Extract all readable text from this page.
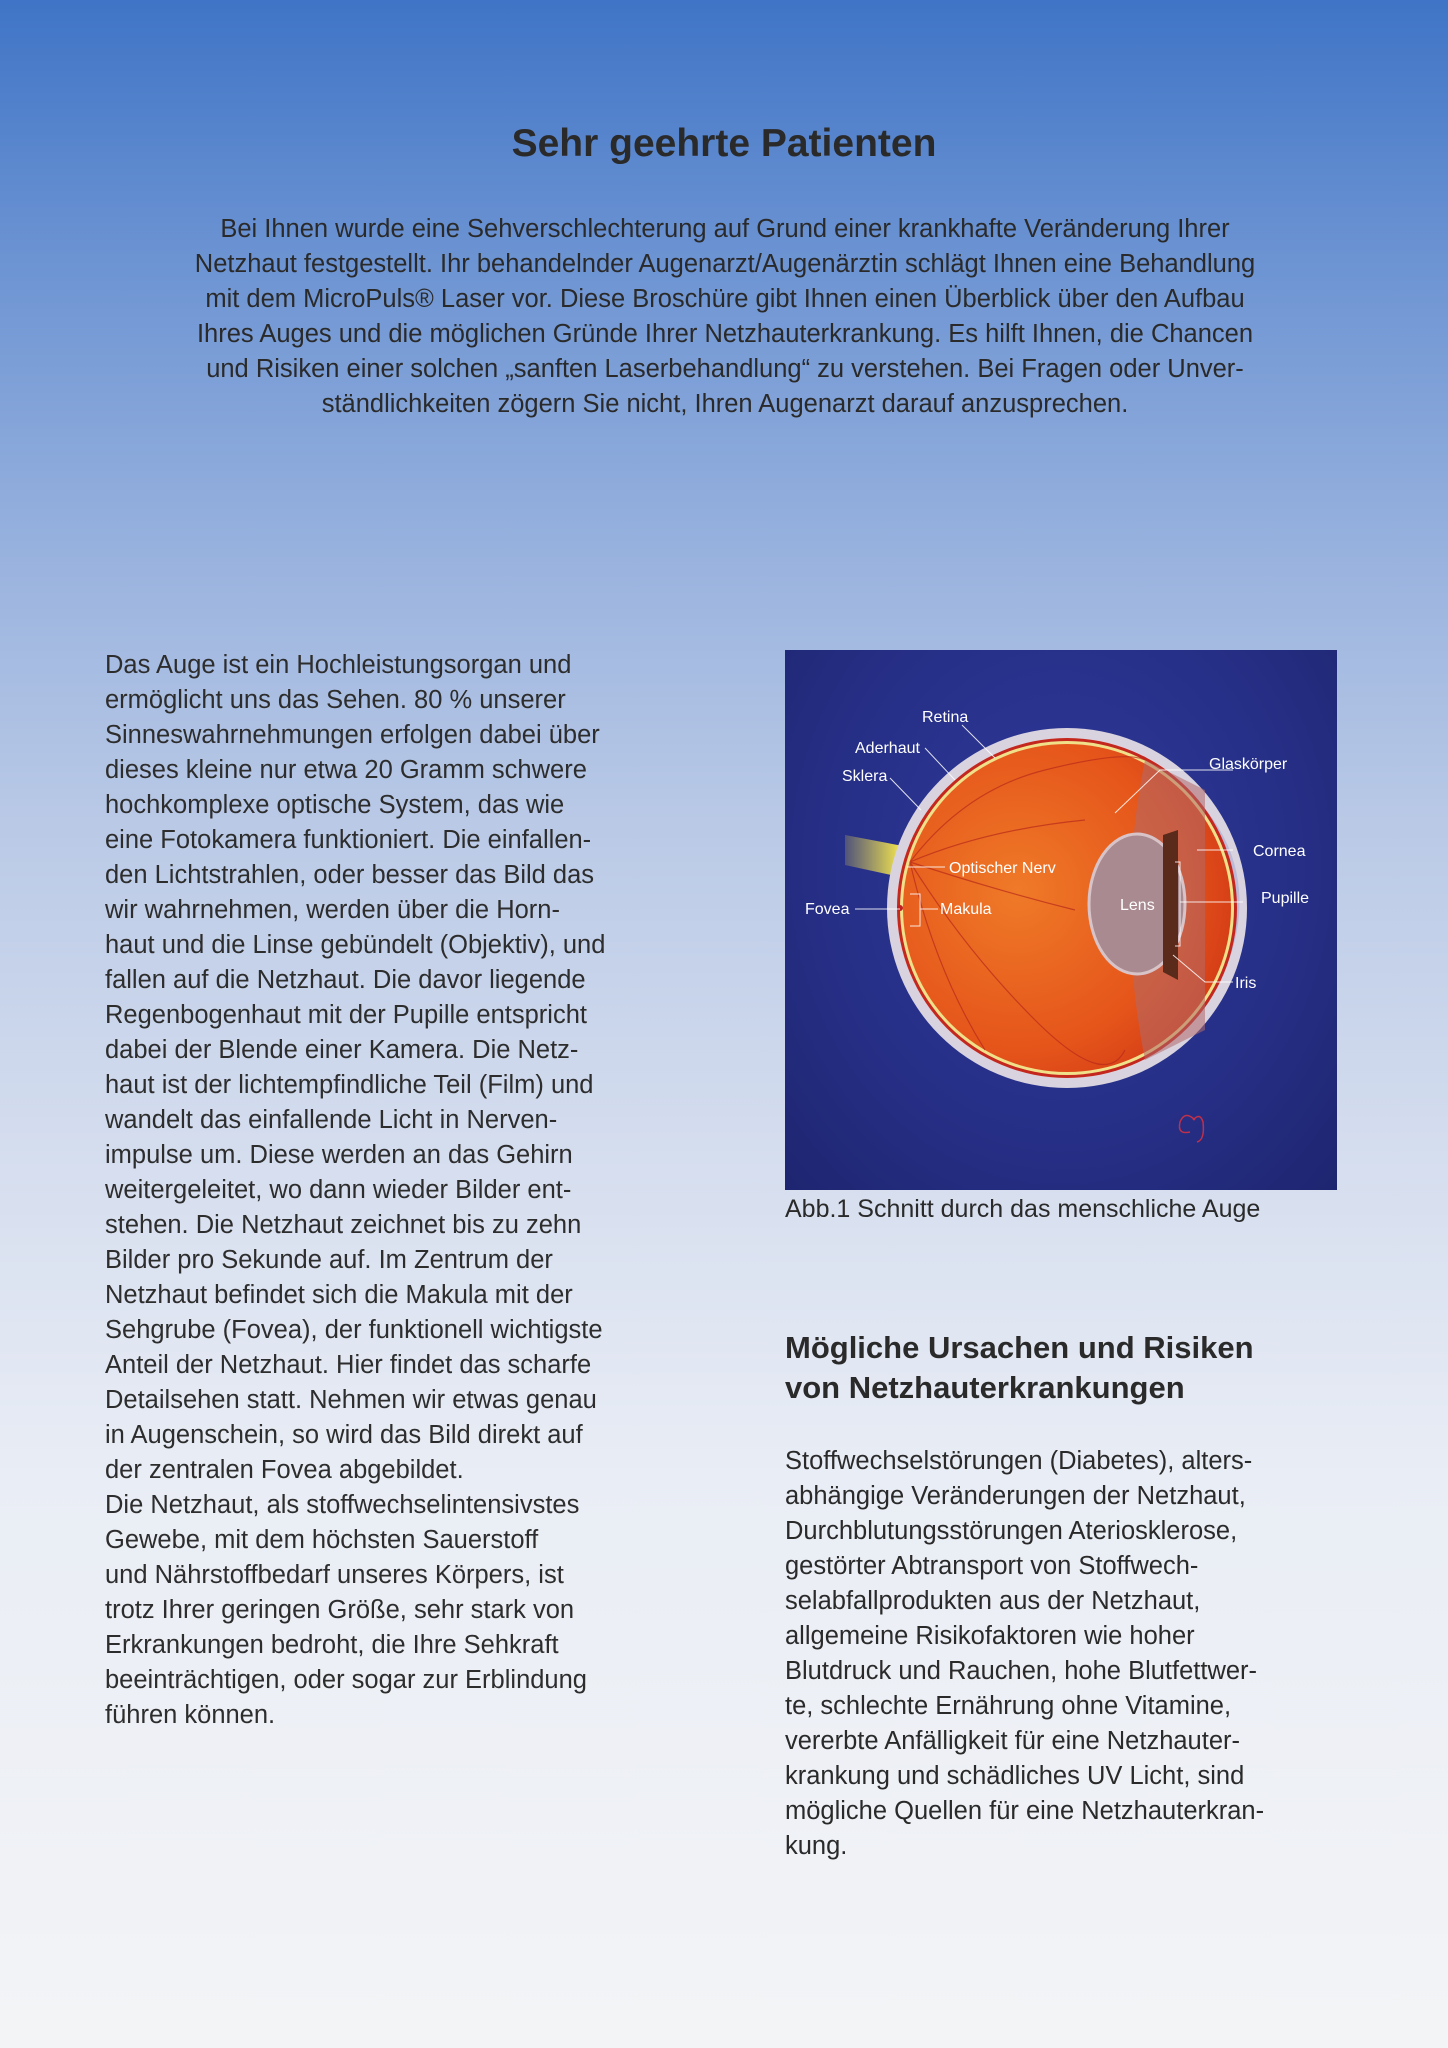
Sehr geehrte Patienten
Bei Ihnen wurde eine Sehverschlechterung auf Grund einer krankhafte Veränderung Ihrer
Netzhaut festgestellt. Ihr behandelnder Augenarzt/Augenärztin schlägt Ihnen eine Behandlung
mit dem MicroPuls® Laser vor. Diese Broschüre gibt Ihnen einen Überblick über den Aufbau
Ihres Auges und die möglichen Gründe Ihrer Netzhauterkrankung. Es hilft Ihnen, die Chancen
und Risiken einer solchen „sanften Laserbehandlung“ zu verstehen. Bei Fragen oder Unver-
ständlichkeiten zögern Sie nicht, Ihren Augenarzt darauf anzusprechen.
Das Auge ist ein Hochleistungsorgan und
ermöglicht uns das Sehen. 80 % unserer
Sinneswahrnehmungen erfolgen dabei über
dieses kleine nur etwa 20 Gramm schwere
hochkomplexe optische System, das wie
eine Fotokamera funktioniert. Die einfallen-
den Lichtstrahlen, oder besser das Bild das
wir wahrnehmen, werden über die Horn-
haut und die Linse gebündelt (Objektiv), und
fallen auf die Netzhaut. Die davor liegende
Regenbogenhaut mit der Pupille entspricht
dabei der Blende einer Kamera. Die Netz-
haut ist der lichtempfindliche Teil (Film) und
wandelt das einfallende Licht in Nerven-
impulse um. Diese werden an das Gehirn
weitergeleitet, wo dann wieder Bilder ent-
stehen. Die Netzhaut zeichnet bis zu zehn
Bilder pro Sekunde auf. Im Zentrum der
Netzhaut befindet sich die Makula mit der
Sehgrube (Fovea), der funktionell wichtigste
Anteil der Netzhaut. Hier findet das scharfe
Detailsehen statt. Nehmen wir etwas genau
in Augenschein, so wird das Bild direkt auf
der zentralen Fovea abgebildet.
Die Netzhaut, als stoffwechselintensivstes
Gewebe, mit dem höchsten Sauerstoff
und Nährstoffbedarf unseres Körpers, ist
trotz Ihrer geringen Größe, sehr stark von
Erkrankungen bedroht, die Ihre Sehkraft
beeinträchtigen, oder sogar zur Erblindung
führen können.
Retina
Aderhaut
Sklera
Glaskörper
Optischer Nerv
Cornea
Pupille
Fovea	Makula	Lens
Iris

Abb.1 Schnitt durch das menschliche Auge

Mögliche Ursachen und Risiken
von Netzhauterkrankungen
Stoffwechselstörungen (Diabetes), alters-
abhängige Veränderungen der Netzhaut,
Durchblutungsstörungen Ateriosklerose,
gestörter Abtransport von Stoffwech-
selabfallprodukten aus der Netzhaut,
allgemeine Risikofaktoren wie hoher
Blutdruck und Rauchen, hohe Blutfettwer-
te, schlechte Ernährung ohne Vitamine,
vererbte Anfälligkeit für eine Netzhauter-
krankung und schädliches UV Licht, sind
mögliche Quellen für eine Netzhauterkran-
kung.
